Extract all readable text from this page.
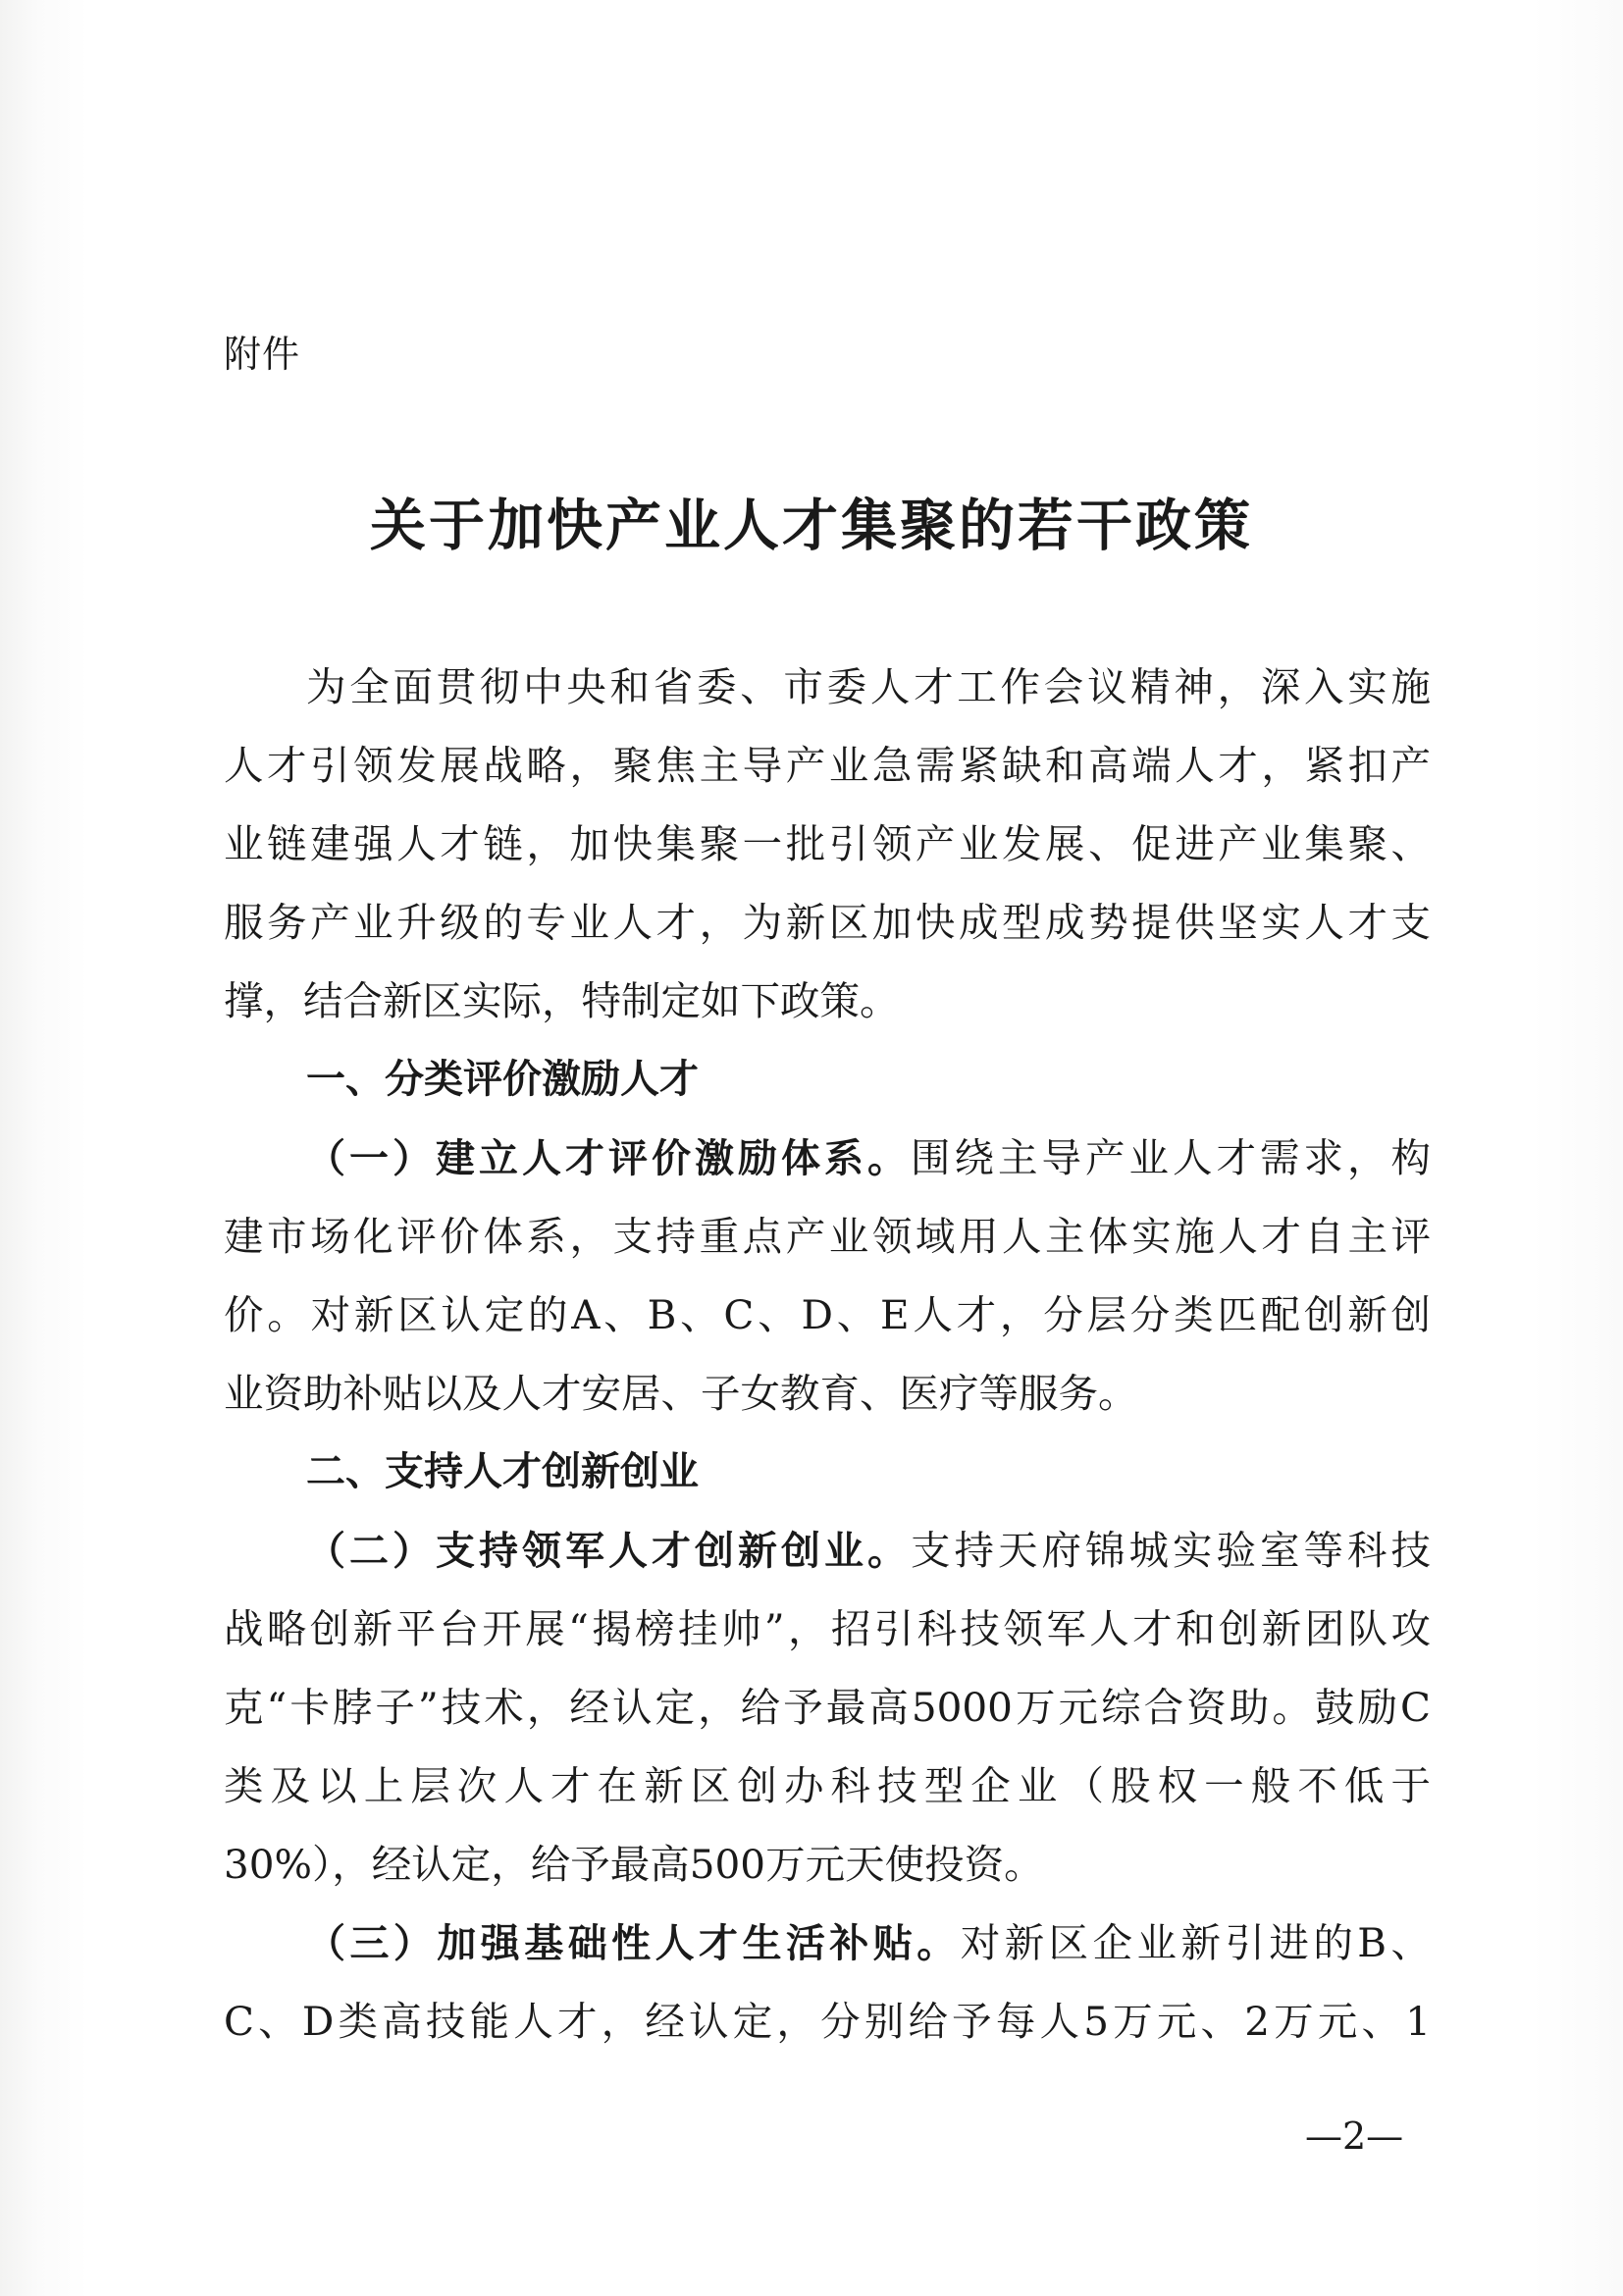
附件
关于加快产业人才集聚的若干政策
为全面贯彻中央和省委、市委人才工作会议精神，深入实施
人才引领发展战略，聚焦主导产业急需紧缺和高端人才，紧扣产
业链建强人才链，加快集聚一批引领产业发展、促进产业集聚、
服务产业升级的专业人才，为新区加快成型成势提供坚实人才支
撑，结合新区实际，特制定如下政策。
一、分类评价激励人才
（一）建立人才评价激励体系。围绕主导产业人才需求，构
建市场化评价体系，支持重点产业领域用人主体实施人才自主评
价。对新区认定的A、B、C、D、E人才，分层分类匹配创新创
业资助补贴以及人才安居、子女教育、医疗等服务。
二、支持人才创新创业
（二）支持领军人才创新创业。支持天府锦城实验室等科技
战略创新平台开展“揭榜挂帅”，招引科技领军人才和创新团队攻
克“卡脖子”技术，经认定，给予最高5000万元综合资助。鼓励C
类及以上层次人才在新区创办科技型企业（股权一般不低于
30%），经认定，给予最高500万元天使投资。
（三）加强基础性人才生活补贴。对新区企业新引进的B、
C、D类高技能人才，经认定，分别给予每人5万元、2万元、1
—2—
